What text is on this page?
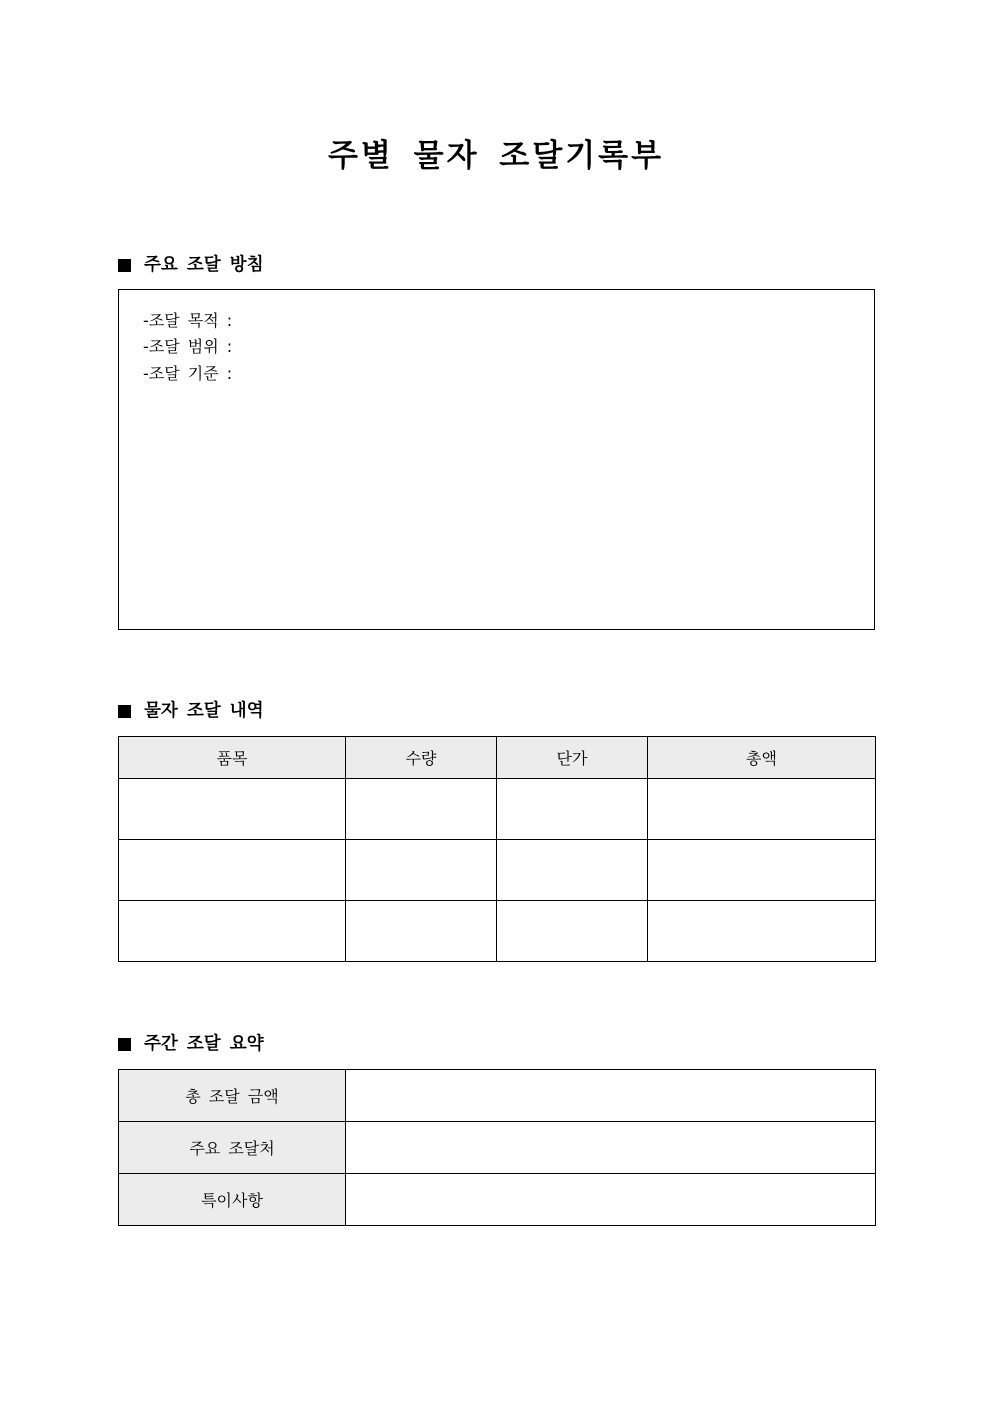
주별 물자 조달기록부
주요 조달 방침
-조달 목적 :
-조달 범위 :
-조달 기준 :
물자 조달 내역
품목	수량	단가	총액

주간 조달 요약
총 조달 금액	
주요 조달처	
특이사항	
